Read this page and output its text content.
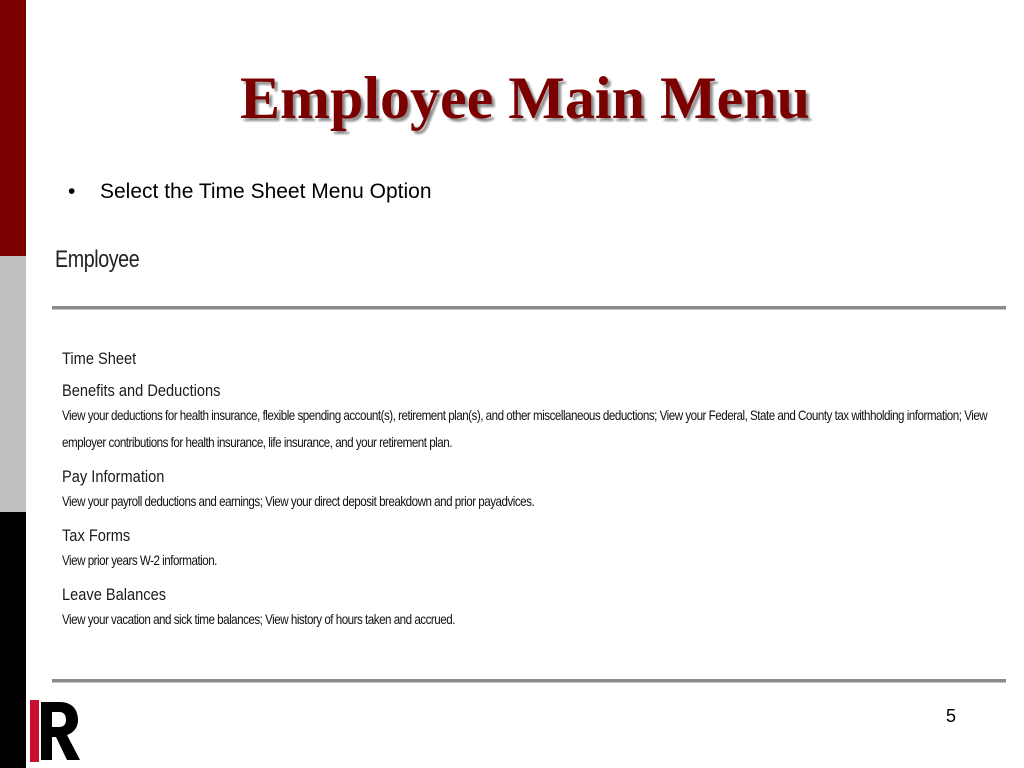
Employee Main Menu
• Select the Time Sheet Menu Option
Employee
Time Sheet
Benefits and Deductions
View your deductions for health insurance, flexible spending account(s), retirement plan(s), and other miscellaneous deductions; View your Federal, State and County tax withholding information; View employer contributions for health insurance, life insurance, and your retirement plan.
Pay Information
View your payroll deductions and earnings; View your direct deposit breakdown and prior payadvices.
Tax Forms
View prior years W-2 information.
Leave Balances
View your vacation and sick time balances; View history of hours taken and accrued.
5
